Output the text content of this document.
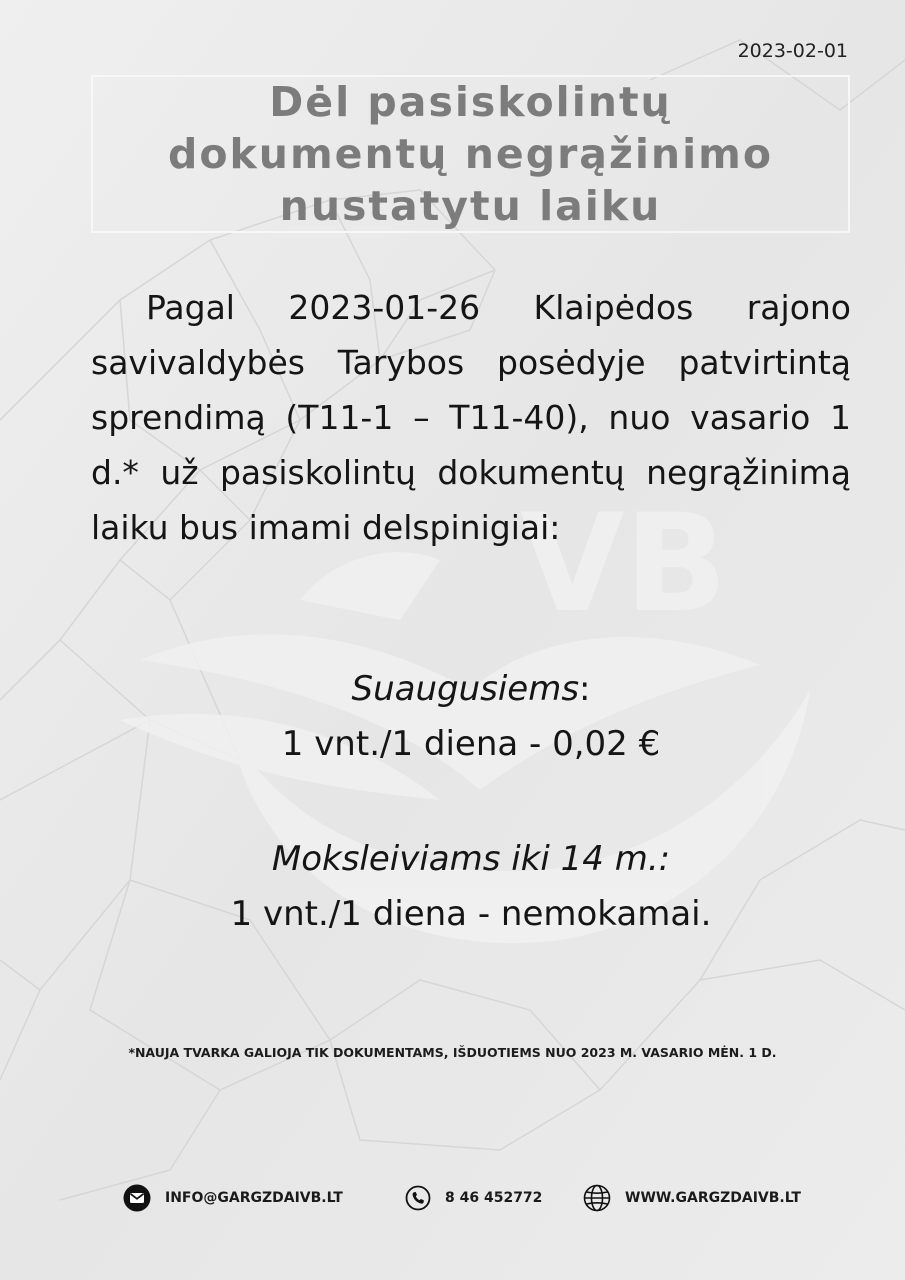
VB
2023-02-01
Dėl pasiskolintų
dokumentų negrąžinimo
nustatytu laiku

Pagal 2023-01-26 Klaipėdos rajono savivaldybės Tarybos posėdyje patvirtintą sprendimą (T11-1 – T11-40), nuo vasario 1 d.* už pasiskolintų dokumentų negrąžinimą laiku bus imami delspinigiai:

Suaugusiems:
1 vnt./1 diena - 0,02 €

Moksleiviams iki 14 m.:
1 vnt./1 diena - nemokamai.

*NAUJA TVARKA GALIOJA TIK DOKUMENTAMS, IŠDUOTIEMS NUO 2023 M. VASARIO MĖN. 1 D.

INFO@GARGZDAIVB.LT	8 46 452772	WWW.GARGZDAIVB.LT
